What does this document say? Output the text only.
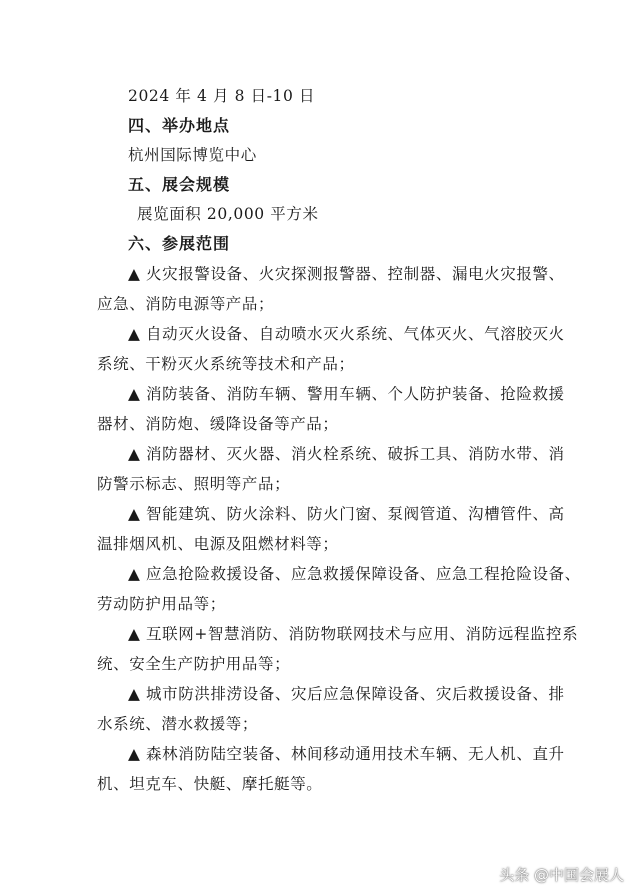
2024 年 4 月 8 日-10 日
四、举办地点
杭州国际博览中心
五、展会规模
展览面积 20,000 平方米
六、参展范围
▲ 火灾报警设备、火灾探测报警器、控制器、漏电火灾报警、
应急、消防电源等产品；
▲ 自动灭火设备、自动喷水灭火系统、气体灭火、气溶胶灭火
系统、干粉灭火系统等技术和产品；
▲ 消防装备、消防车辆、警用车辆、个人防护装备、抢险救援
器材、消防炮、缓降设备等产品；
▲ 消防器材、灭火器、消火栓系统、破拆工具、消防水带、消
防警示标志、照明等产品；
▲ 智能建筑、防火涂料、防火门窗、泵阀管道、沟槽管件、高
温排烟风机、电源及阻燃材料等；
▲ 应急抢险救援设备、应急救援保障设备、应急工程抢险设备、
劳动防护用品等；
▲ 互联网+智慧消防、消防物联网技术与应用、消防远程监控系
统、安全生产防护用品等；
▲ 城市防洪排涝设备、灾后应急保障设备、灾后救援设备、排
水系统、潜水救援等；
▲ 森林消防陆空装备、林间移动通用技术车辆、无人机、直升
机、坦克车、快艇、摩托艇等。
头条 @中国会展人
